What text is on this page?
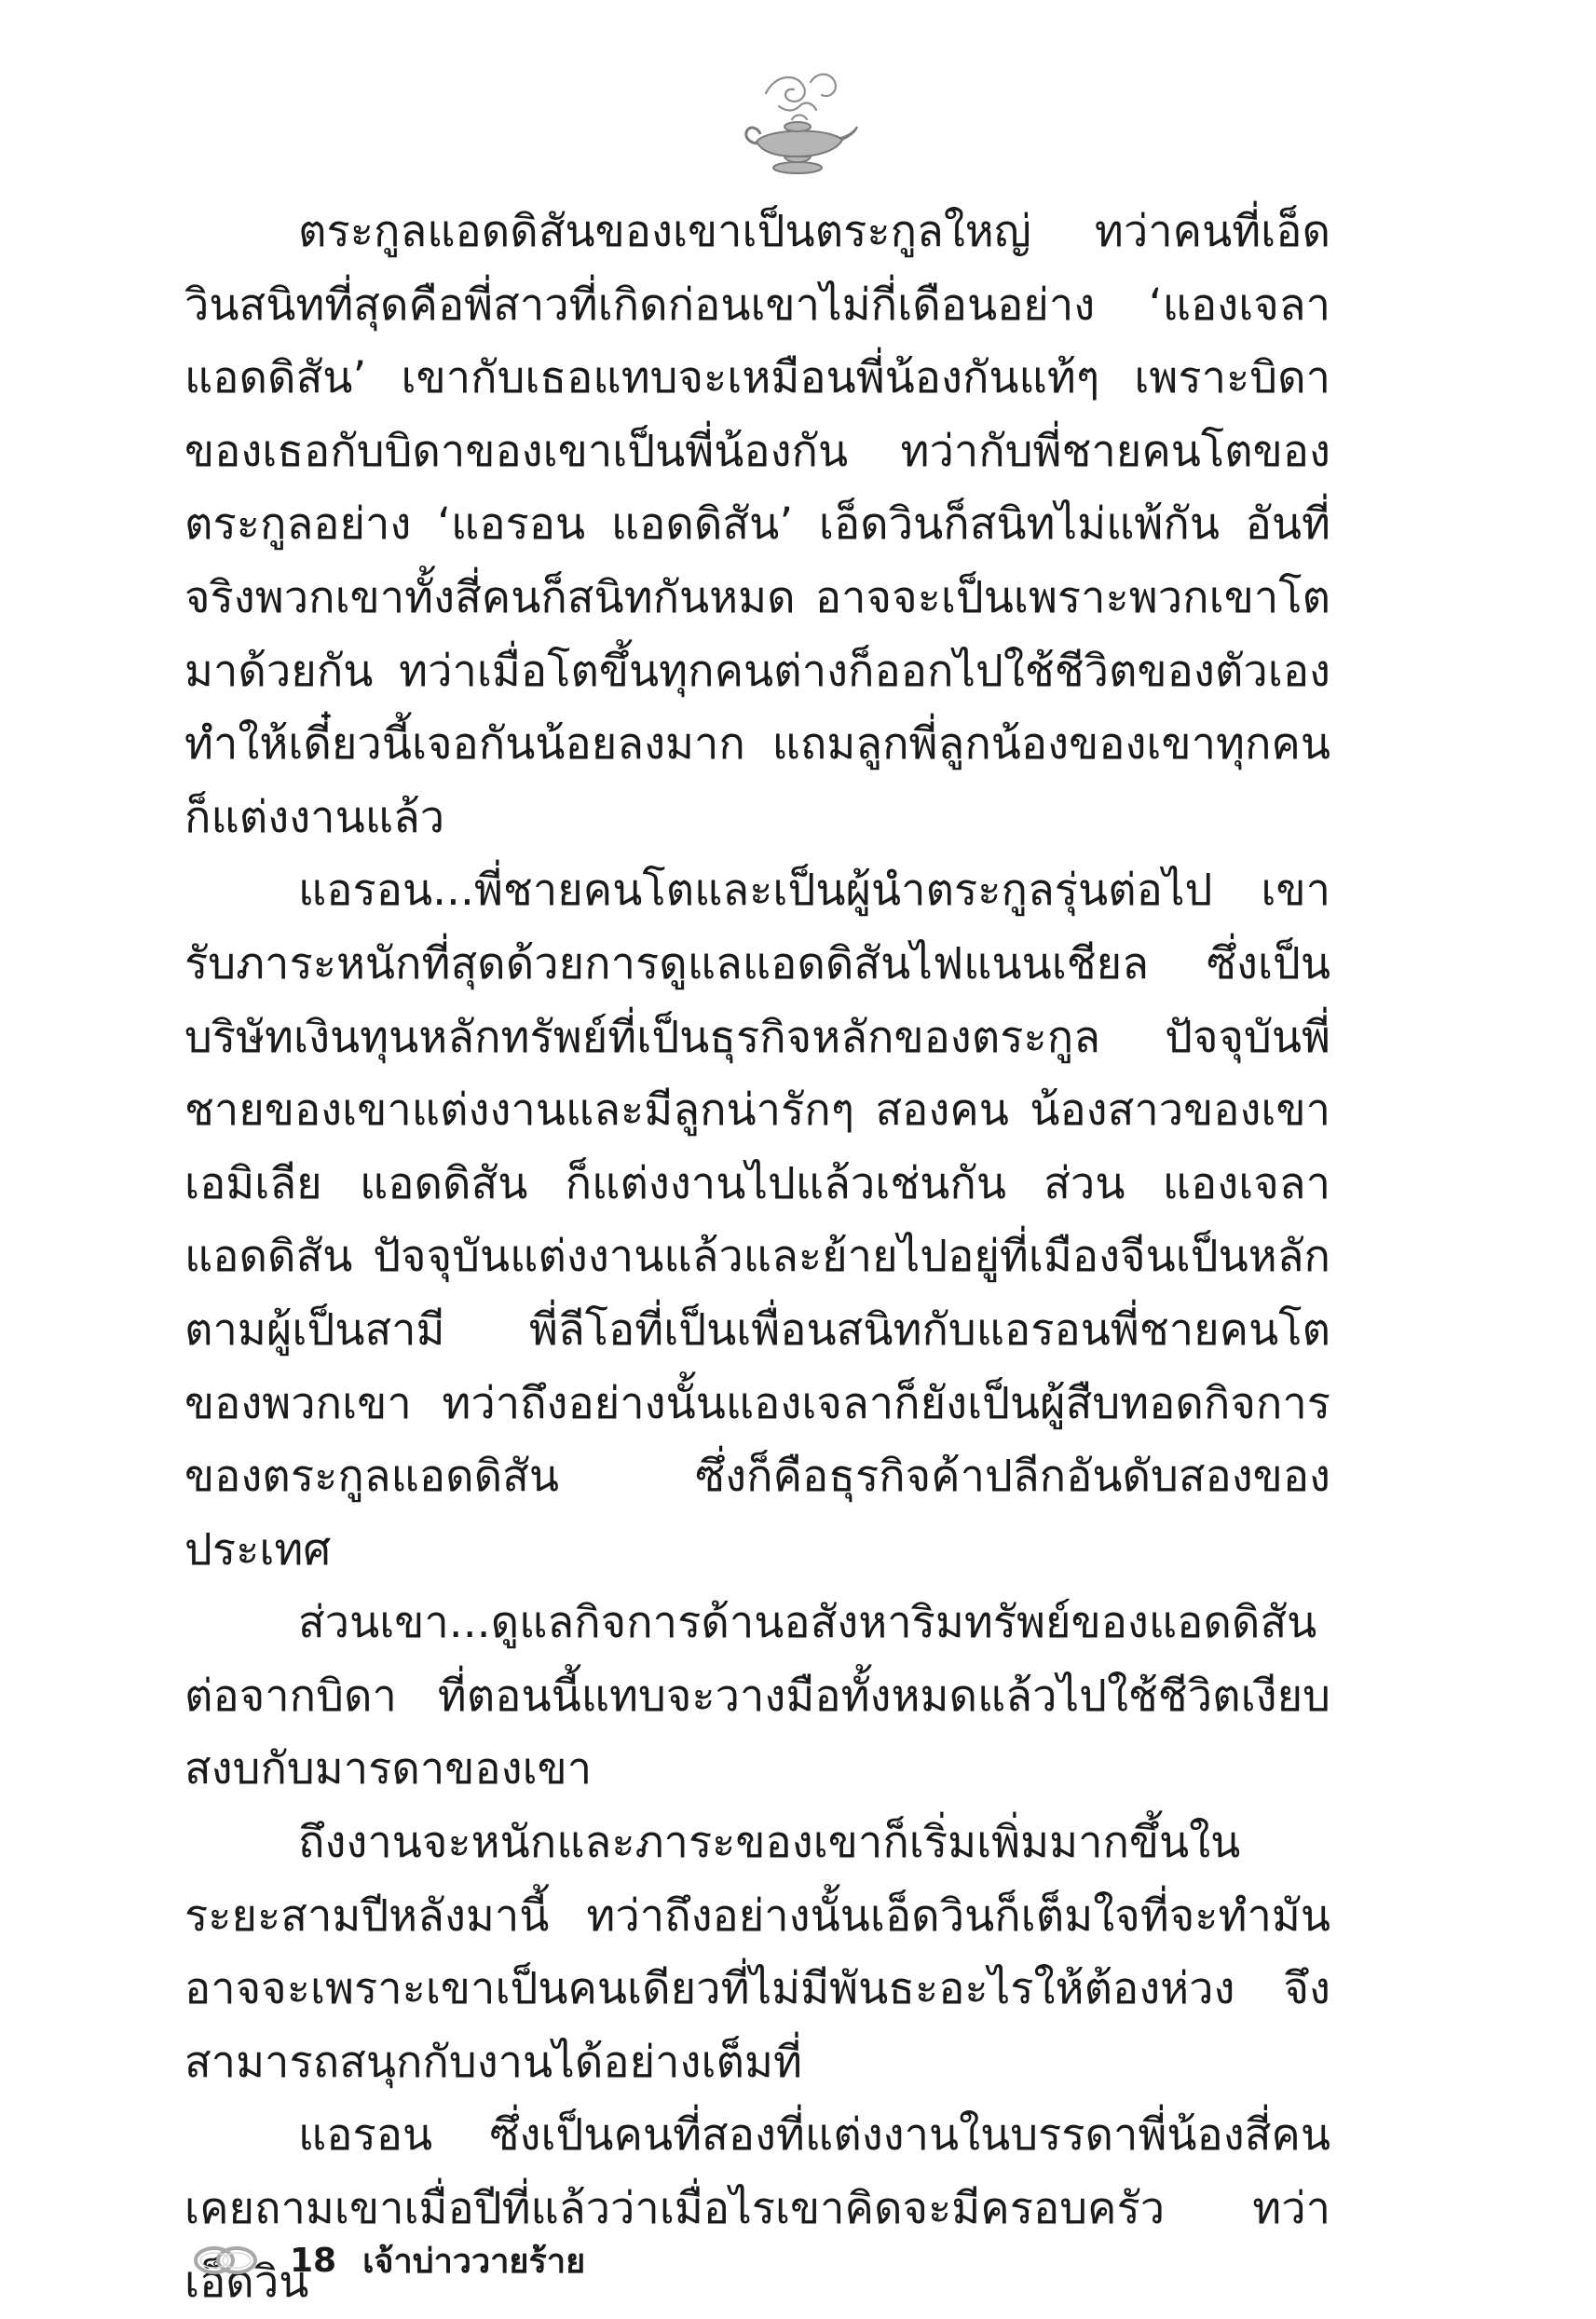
ตระกูลแอดดิสันของเขาเป็นตระกูลใหญ่ ทว่าคนที่เอ็ดวินสนิทที่สุดคือพี่สาวที่เกิดก่อนเขาไม่กี่เดือนอย่าง ‘แองเจลา แอดดิสัน’ เขากับเธอแทบจะเหมือนพี่น้องกันแท้ๆ เพราะบิดาของเธอกับบิดาของเขาเป็นพี่น้องกัน ทว่ากับพี่ชายคนโตของตระกูลอย่าง ‘แอรอน แอดดิสัน’ เอ็ดวินก็สนิทไม่แพ้กัน อันที่จริงพวกเขาทั้งสี่คนก็สนิทกันหมด อาจจะเป็นเพราะพวกเขาโตมาด้วยกัน ทว่าเมื่อโตขึ้นทุกคนต่างก็ออกไปใช้ชีวิตของตัวเอง ทำให้เดี๋ยวนี้เจอกันน้อยลงมาก แถมลูกพี่ลูกน้องของเขาทุกคนก็แต่งงานแล้ว

แอรอน...พี่ชายคนโตและเป็นผู้นำตระกูลรุ่นต่อไป เขารับภาระหนักที่สุดด้วยการดูแลแอดดิสันไฟแนนเชียล ซึ่งเป็นบริษัทเงินทุนหลักทรัพย์ที่เป็นธุรกิจหลักของตระกูล ปัจจุบันพี่ชายของเขาแต่งงานและมีลูกน่ารักๆ สองคน น้องสาวของเขา เอมิเลีย แอดดิสัน ก็แต่งงานไปแล้วเช่นกัน ส่วน แองเจลา แอดดิสัน ปัจจุบันแต่งงานแล้วและย้ายไปอยู่ที่เมืองจีนเป็นหลักตามผู้เป็นสามี พี่ลีโอที่เป็นเพื่อนสนิทกับแอรอนพี่ชายคนโตของพวกเขา ทว่าถึงอย่างนั้นแองเจลาก็ยังเป็นผู้สืบทอดกิจการของตระกูลแอดดิสัน ซึ่งก็คือธุรกิจค้าปลีกอันดับสองของประเทศ

ส่วนเขา...ดูแลกิจการด้านอสังหาริมทรัพย์ของแอดดิสันต่อจากบิดา ที่ตอนนี้แทบจะวางมือทั้งหมดแล้วไปใช้ชีวิตเงียบสงบกับมารดาของเขา

ถึงงานจะหนักและภาระของเขาก็เริ่มเพิ่มมากขึ้นในระยะสามปีหลังมานี้ ทว่าถึงอย่างนั้นเอ็ดวินก็เต็มใจที่จะทำมัน อาจจะเพราะเขาเป็นคนเดียวที่ไม่มีพันธะอะไรให้ต้องห่วง จึงสามารถสนุกกับงานได้อย่างเต็มที่

แอรอน ซึ่งเป็นคนที่สองที่แต่งงานในบรรดาพี่น้องสี่คนเคยถามเขาเมื่อปีที่แล้วว่าเมื่อไรเขาคิดจะมีครอบครัว ทว่าเอ็ดวิน

18 เจ้าบ่าววายร้าย
